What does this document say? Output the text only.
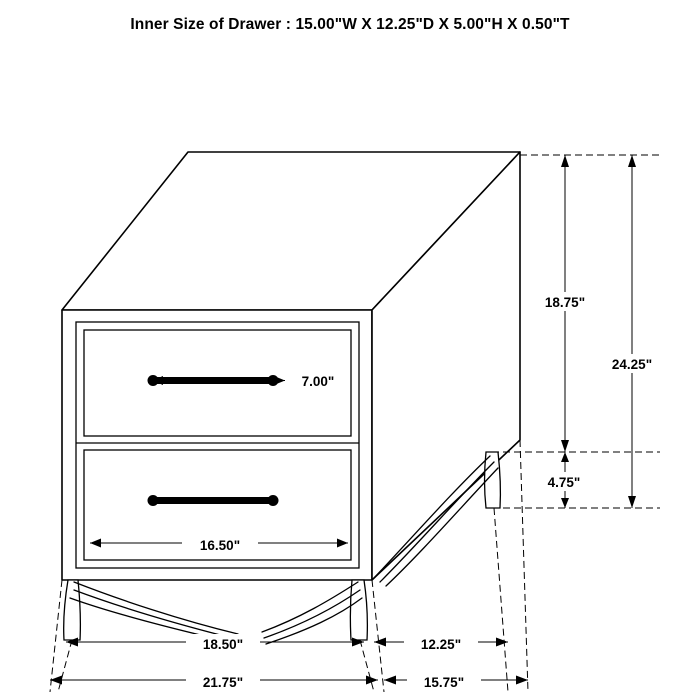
Inner Size of Drawer : 15.00"W X 12.25"D X 5.00"H X 0.50"T
7.00"
18.75"
24.25"
4.75"
16.50"
18.50"	12.25"
21.75"	15.75"
